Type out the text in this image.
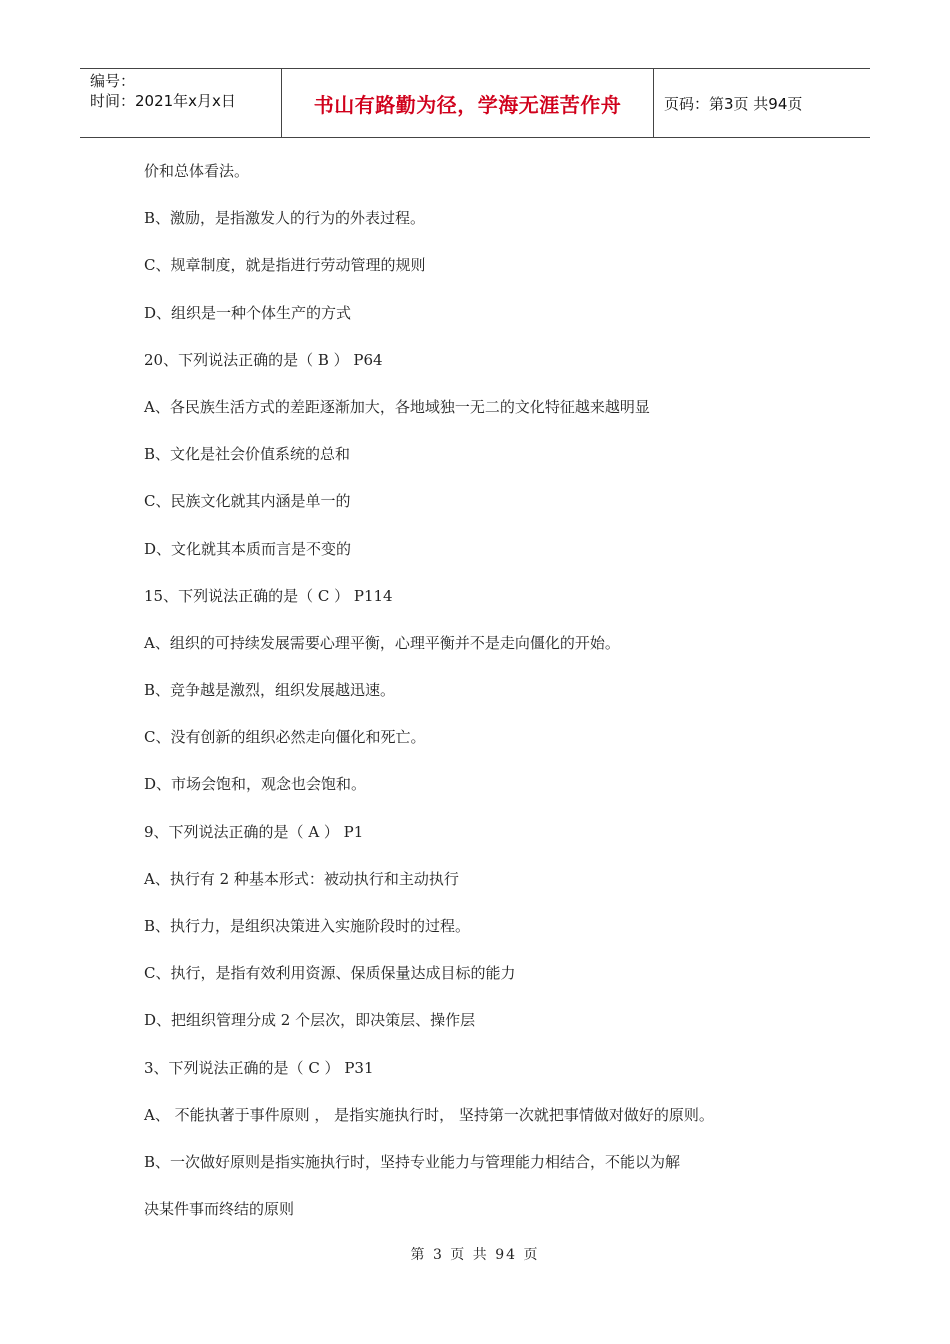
编号：
时间：2021年x月x日	书山有路勤为径，学海无涯苦作舟	页码：第3页 共94页
价和总体看法。
B、激励，是指激发人的行为的外表过程。
C、规章制度，就是指进行劳动管理的规则
D、组织是一种个体生产的方式
20、下列说法正确的是（ B ） P64
A、各民族生活方式的差距逐渐加大，各地域独一无二的文化特征越来越明显
B、文化是社会价值系统的总和
C、民族文化就其内涵是单一的
D、文化就其本质而言是不变的
15、下列说法正确的是（ C ） P114
A、组织的可持续发展需要心理平衡，心理平衡并不是走向僵化的开始。
B、竞争越是激烈，组织发展越迅速。
C、没有创新的组织必然走向僵化和死亡。
D、市场会饱和，观念也会饱和。
9、下列说法正确的是（ A ） P1
A、执行有 2 种基本形式：被动执行和主动执行
B、执行力，是组织决策进入实施阶段时的过程。
C、执行，是指有效利用资源、保质保量达成目标的能力
D、把组织管理分成 2 个层次，即决策层、操作层
3、下列说法正确的是（ C ） P31
A、 不能执著于事件原则 ， 是指实施执行时， 坚持第一次就把事情做对做好的原则。
B、一次做好原则是指实施执行时，坚持专业能力与管理能力相结合，不能以为解
决某件事而终结的原则
第 3 页 共 94 页
